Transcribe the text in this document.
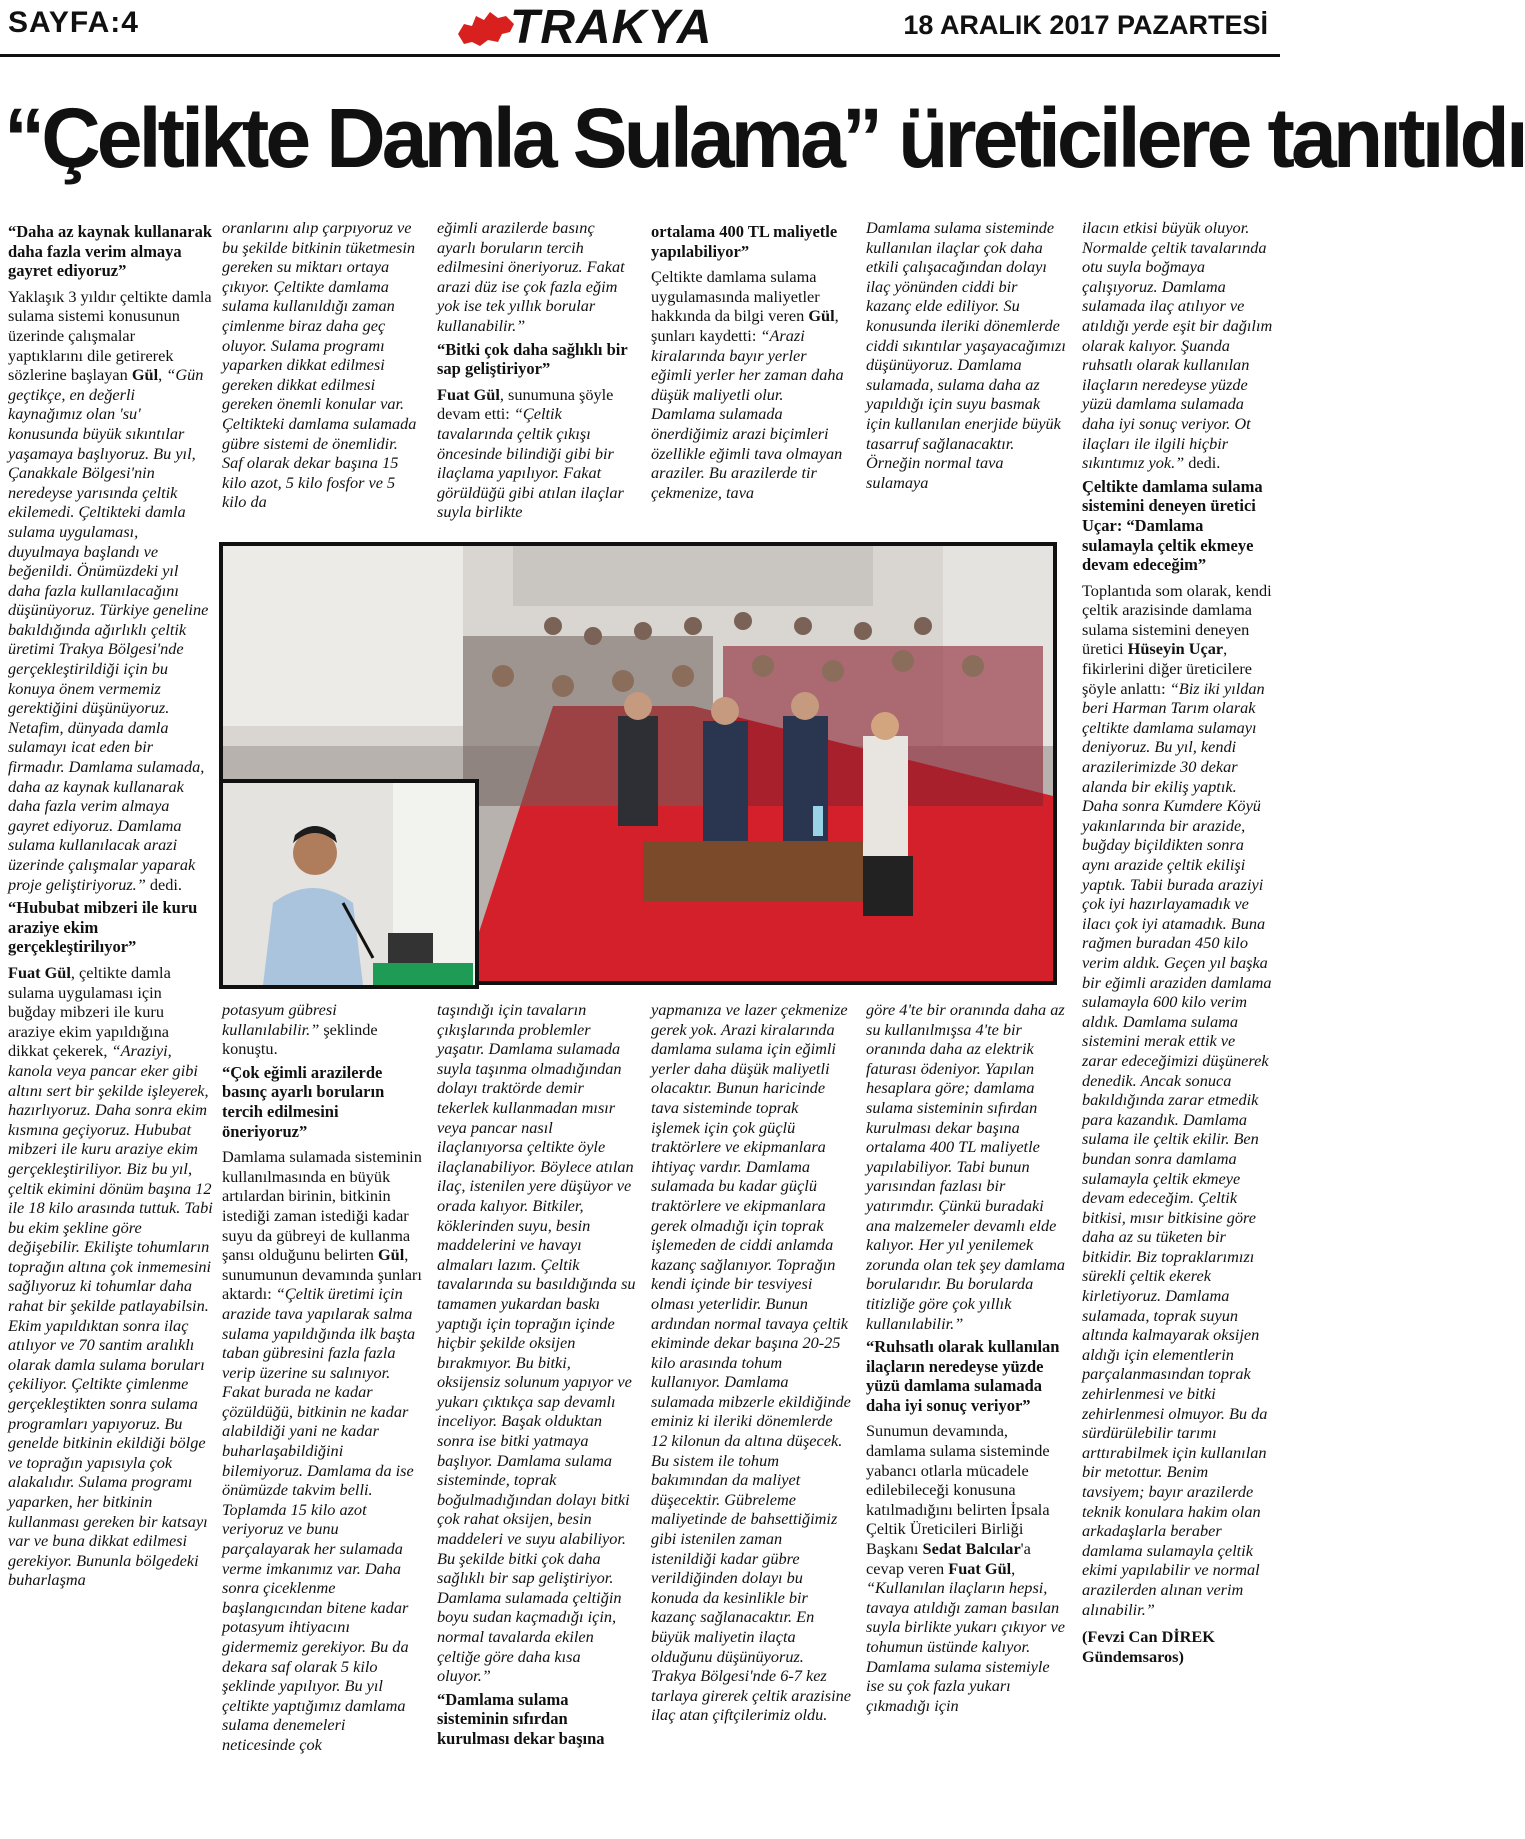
SAYFA:4	TRAKYA	18 ARALIK 2017 PAZARTESİ
“Çeltikte Damla Sulama” üreticilere tanıtıldı
“Daha az kaynak kullanarak daha fazla verim almaya gayret ediyoruz”

Yaklaşık 3 yıldır çeltikte damla sulama sistemi konusunun üzerinde çalışmalar yaptıklarını dile getirerek sözlerine başlayan Gül, “Gün geçtikçe, en değerli kaynağımız olan 'su' konusunda büyük sıkıntılar yaşamaya başlıyoruz. Bu yıl, Çanakkale Bölgesi'nin neredeyse yarısında çeltik ekilemedi. Çeltikteki damla sulama uygulaması, duyulmaya başlandı ve beğenildi. Önümüzdeki yıl daha fazla kullanılacağını düşünüyoruz. Türkiye geneline bakıldığında ağırlıklı çeltik üretimi Trakya Bölgesi'nde gerçekleştirildiği için bu konuya önem vermemiz gerektiğini düşünüyoruz. Netafim, dünyada damla sulamayı icat eden bir firmadır. Damlama sulamada, daha az kaynak kullanarak daha fazla verim almaya gayret ediyoruz. Damlama sulama kullanılacak arazi üzerinde çalışmalar yaparak proje geliştiriyoruz.” dedi.

“Hububat mibzeri ile kuru araziye ekim gerçekleştirilıyor”

Fuat Gül, çeltikte damla sulama uygulaması için buğday mibzeri ile kuru araziye ekim yapıldığına dikkat çekerek, “Araziyi, kanola veya pancar eker gibi altını sert bir şekilde işleyerek, hazırlıyoruz. Daha sonra ekim kısmına geçiyoruz. Hububat mibzeri ile kuru araziye ekim gerçekleştiriliyor. Biz bu yıl, çeltik ekimini dönüm başına 12 ile 18 kilo arasında tuttuk. Tabi bu ekim şekline göre değişebilir. Ekilişte tohumların toprağın altına çok inmemesini sağlıyoruz ki tohumlar daha rahat bir şekilde patlayabilsin. Ekim yapıldıktan sonra ilaç atılıyor ve 70 santim aralıklı olarak damla sulama boruları çekiliyor. Çeltikte çimlenme gerçekleştikten sonra sulama programları yapıyoruz. Bu genelde bitkinin ekildiği bölge ve toprağın yapısıyla çok alakalıdır. Sulama programı yaparken, her bitkinin kullanması gereken bir katsayı var ve buna dikkat edilmesi gerekiyor. Bununla bölgedeki buharlaşma

oranlarını alıp çarpıyoruz ve bu şekilde bitkinin tüketmesin gereken su miktarı ortaya çıkıyor. Çeltikte damlama sulama kullanıldığı zaman çimlenme biraz daha geç oluyor. Sulama programı yaparken dikkat edilmesi gereken dikkat edilmesi gereken önemli konular var. Çeltikteki damlama sulamada gübre sistemi de önemlidir. Saf olarak dekar başına 15 kilo azot, 5 kilo fosfor ve 5 kilo da

eğimli arazilerde basınç ayarlı boruların tercih edilmesini öneriyoruz. Fakat arazi düz ise çok fazla eğim yok ise tek yıllık borular kullanabilir.”

“Bitki çok daha sağlıklı bir sap geliştiriyor”

Fuat Gül, sunumuna şöyle devam etti: “Çeltik tavalarında çeltik çıkışı öncesinde bilindiği gibi bir ilaçlama yapılıyor. Fakat görüldüğü gibi atılan ilaçlar suyla birlikte

ortalama 400 TL maliyetle yapılabiliyor”

Çeltikte damlama sulama uygulamasında maliyetler hakkında da bilgi veren Gül, şunları kaydetti: “Arazi kiralarında bayır yerler eğimli yerler her zaman daha düşük maliyetli olur. Damlama sulamada önerdiğimiz arazi biçimleri özellikle eğimli tava olmayan araziler. Bu arazilerde tir çekmenize, tava

Damlama sulama sisteminde kullanılan ilaçlar çok daha etkili çalışacağından dolayı ilaç yönünden ciddi bir kazanç elde ediliyor. Su konusunda ileriki dönemlerde ciddi sıkıntılar yaşayacağımızı düşünüyoruz. Damlama sulamada, sulama daha az yapıldığı için suyu basmak için kullanılan enerjide büyük tasarruf sağlanacaktır. Örneğin normal tava sulamaya

ilacın etkisi büyük oluyor. Normalde çeltik tavalarında otu suyla boğmaya çalışıyoruz. Damlama sulamada ilaç atılıyor ve atıldığı yerde eşit bir dağılım olarak kalıyor. Şuanda ruhsatlı olarak kullanılan ilaçların neredeyse yüzde yüzü damlama sulamada daha iyi sonuç veriyor. Ot ilaçları ile ilgili hiçbir sıkıntımız yok.” dedi.

Çeltikte damlama sulama sistemini deneyen üretici Uçar: “Damlama sulamayla çeltik ekmeye devam edeceğim”

Toplantıda som olarak, kendi çeltik arazisinde damlama sulama sistemini deneyen üretici Hüseyin Uçar, fikirlerini diğer üreticilere şöyle anlattı: “Biz iki yıldan beri Harman Tarım olarak çeltikte damlama sulamayı deniyoruz. Bu yıl, kendi arazilerimizde 30 dekar alanda bir ekiliş yaptık. Daha sonra Kumdere Köyü yakınlarında bir arazide, buğday biçildikten sonra aynı arazide çeltik ekilişi yaptık. Tabii burada araziyi çok iyi hazırlayamadık ve ilacı çok iyi atamadık. Buna rağmen buradan 450 kilo verim aldık. Geçen yıl başka bir eğimli araziden damlama sulamayla 600 kilo verim aldık. Damlama sulama sistemini merak ettik ve zarar edeceğimizi düşünerek denedik. Ancak sonuca bakıldığında zarar etmedik para kazandık. Damlama sulama ile çeltik ekilir. Ben bundan sonra damlama sulamayla çeltik ekmeye devam edeceğim. Çeltik bitkisi, mısır bitkisine göre daha az su tüketen bir bitkidir. Biz topraklarımızı sürekli çeltik ekerek kirletiyoruz. Damlama sulamada, toprak suyun altında kalmayarak oksijen aldığı için elementlerin parçalanmasından toprak zehirlenmesi ve bitki zehirlenmesi olmuyor. Bu da sürdürülebilir tarımı arttırabilmek için kullanılan bir metottur. Benim tavsiyem; bayır arazilerde teknik konulara hakim olan arkadaşlarla beraber damlama sulamayla çeltik ekimi yapılabilir ve normal arazilerden alınan verim alınabilir.”

(Fevzi Can DİREK Gündemsaros)

potasyum gübresi kullanılabilir.” şeklinde konuştu.

“Çok eğimli arazilerde basınç ayarlı boruların tercih edilmesini öneriyoruz”

Damlama sulamada sisteminin kullanılmasında en büyük artılardan birinin, bitkinin istediği zaman istediği kadar suyu da gübreyi de kullanma şansı olduğunu belirten Gül, sunumunun devamında şunları aktardı: “Çeltik üretimi için arazide tava yapılarak salma sulama yapıldığında ilk başta taban gübresini fazla fazla verip üzerine su salınıyor. Fakat burada ne kadar çözüldüğü, bitkinin ne kadar alabildiği yani ne kadar buharlaşabildiğini bilemiyoruz. Damlama da ise önümüzde takvim belli. Toplamda 15 kilo azot veriyoruz ve bunu parçalayarak her sulamada verme imkanımız var. Daha sonra çiceklenme başlangıcından bitene kadar potasyum ihtiyacını gidermemiz gerekiyor. Bu da dekara saf olarak 5 kilo şeklinde yapılıyor. Bu yıl çeltikte yaptığımız damlama sulama denemeleri neticesinde çok

taşındığı için tavaların çıkışlarında problemler yaşatır. Damlama sulamada suyla taşınma olmadığından dolayı traktörde demir tekerlek kullanmadan mısır veya pancar nasıl ilaçlanıyorsa çeltikte öyle ilaçlanabiliyor. Böylece atılan ilaç, istenilen yere düşüyor ve orada kalıyor. Bitkiler, köklerinden suyu, besin maddelerini ve havayı almaları lazım. Çeltik tavalarında su basıldığında su tamamen yukardan baskı yaptığı için toprağın içinde hiçbir şekilde oksijen bırakmıyor. Bu bitki, oksijensiz solunum yapıyor ve yukarı çıktıkça sap devamlı inceliyor. Başak olduktan sonra ise bitki yatmaya başlıyor. Damlama sulama sisteminde, toprak boğulmadığından dolayı bitki çok rahat oksijen, besin maddeleri ve suyu alabiliyor. Bu şekilde bitki çok daha sağlıklı bir sap geliştiriyor. Damlama sulamada çeltiğin boyu sudan kaçmadığı için, normal tavalarda ekilen çeltiğe göre daha kısa oluyor.”

“Damlama sulama sisteminin sıfırdan kurulması dekar başına

yapmanıza ve lazer çekmenize gerek yok. Arazi kiralarında damlama sulama için eğimli yerler daha düşük maliyetli olacaktır. Bunun haricinde tava sisteminde toprak işlemek için çok güçlü traktörlere ve ekipmanlara ihtiyaç vardır. Damlama sulamada bu kadar güçlü traktörlere ve ekipmanlara gerek olmadığı için toprak işlemeden de ciddi anlamda kazanç sağlanıyor. Toprağın kendi içinde bir tesviyesi olması yeterlidir. Bunun ardından normal tavaya çeltik ekiminde dekar başına 20-25 kilo arasında tohum kullanıyor. Damlama sulamada mibzerle ekildiğinde eminiz ki ileriki dönemlerde 12 kilonun da altına düşecek. Bu sistem ile tohum bakımından da maliyet düşecektir. Gübreleme maliyetinde de bahsettiğimiz gibi istenilen zaman istenildiği kadar gübre verildiğinden dolayı bu konuda da kesinlikle bir kazanç sağlanacaktır. En büyük maliyetin ilaçta olduğunu düşünüyoruz. Trakya Bölgesi'nde 6-7 kez tarlaya girerek çeltik arazisine ilaç atan çiftçilerimiz oldu.

göre 4'te bir oranında daha az su kullanılmışsa 4'te bir oranında daha az elektrik faturası ödeniyor. Yapılan hesaplara göre; damlama sulama sisteminin sıfırdan kurulması dekar başına ortalama 400 TL maliyetle yapılabiliyor. Tabi bunun yarısından fazlası bir yatırımdır. Çünkü buradaki ana malzemeler devamlı elde kalıyor. Her yıl yenilemek zorunda olan tek şey damlama borularıdır. Bu borularda titizliğe göre çok yıllık kullanılabilir.”

“Ruhsatlı olarak kullanılan ilaçların neredeyse yüzde yüzü damlama sulamada daha iyi sonuç veriyor”

Sunumun devamında, damlama sulama sisteminde yabancı otlarla mücadele edilebileceği konusuna katılmadığını belirten İpsala Çeltik Üreticileri Birliği Başkanı Sedat Balcılar'a cevap veren Fuat Gül, “Kullanılan ilaçların hepsi, tavaya atıldığı zaman basılan suyla birlikte yukarı çıkıyor ve tohumun üstünde kalıyor. Damlama sulama sistemiyle ise su çok fazla yukarı çıkmadığı için
